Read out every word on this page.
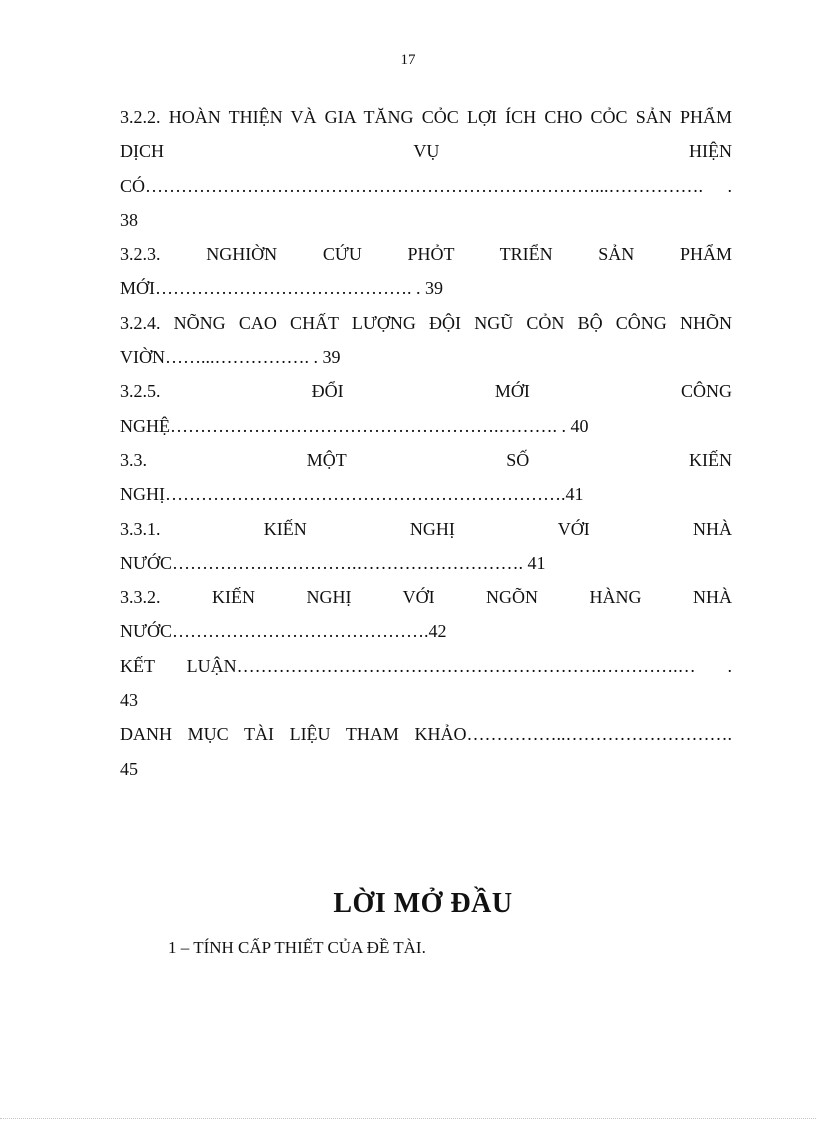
17
3.2.2. HOÀN THIỆN VÀ GIA TĂNG CỎC LỢI ÍCH CHO CỎC SẢN PHẨM
DỊCH VỤ HIỆN
CÓ…………………………………………………………………...……………. .
38
3.2.3. NGHIỜN CỨU PHỎT TRIỂN SẢN PHẨM
MỚI……………………………………. . 39
3.2.4. NÕNG CAO CHẤT LƯỢNG ĐỘI NGŨ CỎN BỘ CÔNG NHÕN
VIỜN……...……………. . 39
3.2.5. ĐỔI MỚI CÔNG
NGHỆ……………………………………………….………. . 40
3.3. MỘT SỐ KIẾN
NGHỊ………………………………………………………….41
3.3.1. KIẾN NGHỊ VỚI NHÀ
NƯỚC………………………….………………………. 41
3.3.2. KIẾN NGHỊ VỚI NGÕN HÀNG NHÀ
NƯỚC…………………………………….42
KẾT LUẬN…………………………………………………….………….… .
43
DANH MỤC TÀI LIỆU THAM KHẢO……………..……………………….
45
LỜI MỞ ĐẦU
1 – TÍNH CẤP THIẾT CỦA ĐỀ TÀI.
